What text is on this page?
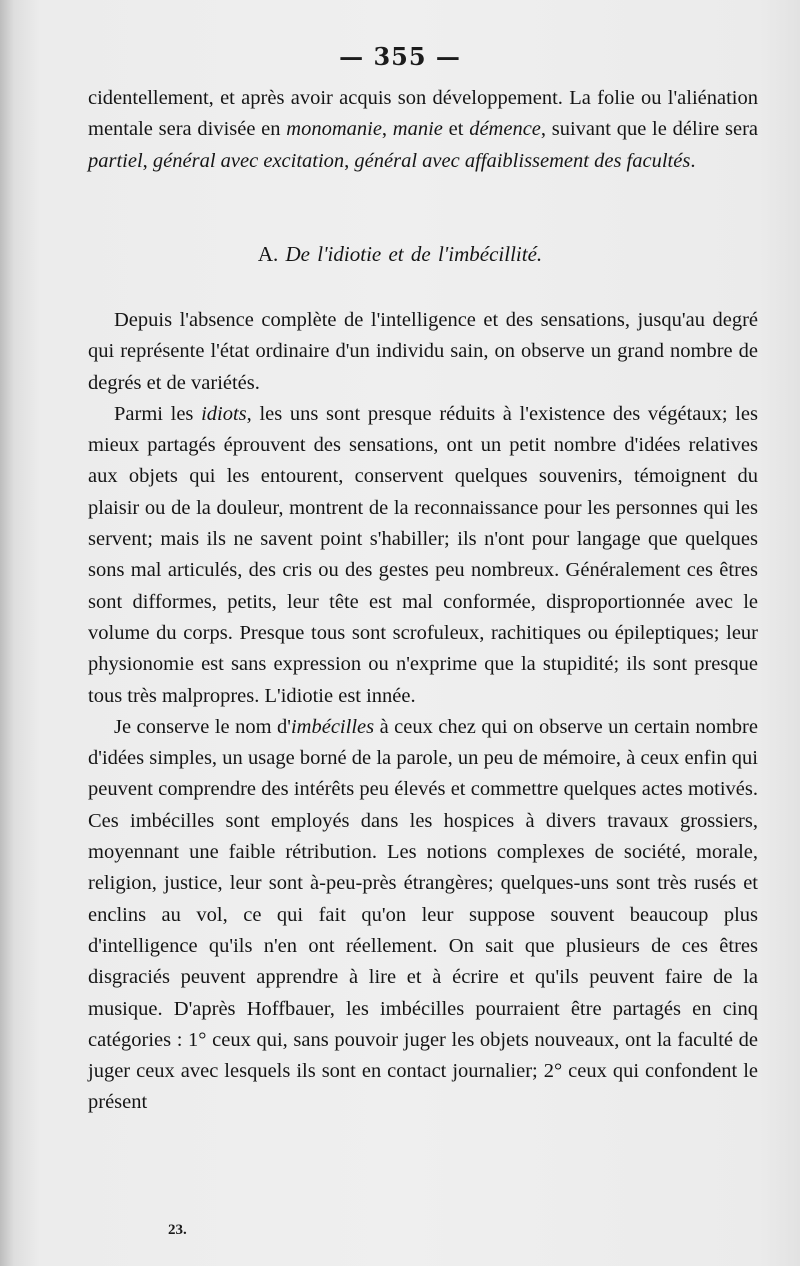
— 355 —

cidentellement, et après avoir acquis son développement. La folie ou l'aliénation mentale sera divisée en monomanie, manie et démence, suivant que le délire sera partiel, général avec excitation, général avec affaiblissement des facultés.

A. De l'idiotie et de l'imbécillité.

Depuis l'absence complète de l'intelligence et des sensations, jusqu'au degré qui représente l'état ordinaire d'un individu sain, on observe un grand nombre de degrés et de variétés.

Parmi les idiots, les uns sont presque réduits à l'existence des végétaux; les mieux partagés éprouvent des sensations, ont un petit nombre d'idées relatives aux objets qui les entourent, conservent quelques souvenirs, témoignent du plaisir ou de la douleur, montrent de la reconnaissance pour les personnes qui les servent; mais ils ne savent point s'habiller; ils n'ont pour langage que quelques sons mal articulés, des cris ou des gestes peu nombreux. Généralement ces êtres sont difformes, petits, leur tête est mal conformée, disproportionnée avec le volume du corps. Presque tous sont scrofuleux, rachitiques ou épileptiques; leur physionomie est sans expression ou n'exprime que la stupidité; ils sont presque tous très malpropres. L'idiotie est innée.

Je conserve le nom d'imbécilles à ceux chez qui on observe un certain nombre d'idées simples, un usage borné de la parole, un peu de mémoire, à ceux enfin qui peuvent comprendre des intérêts peu élevés et commettre quelques actes motivés. Ces imbécilles sont employés dans les hospices à divers travaux grossiers, moyennant une faible rétribution. Les notions complexes de société, morale, religion, justice, leur sont à-peu-près étrangères; quelques-uns sont très rusés et enclins au vol, ce qui fait qu'on leur suppose souvent beaucoup plus d'intelligence qu'ils n'en ont réellement. On sait que plusieurs de ces êtres disgraciés peuvent apprendre à lire et à écrire et qu'ils peuvent faire de la musique. D'après Hoffbauer, les imbécilles pourraient être partagés en cinq catégories : 1° ceux qui, sans pouvoir juger les objets nouveaux, ont la faculté de juger ceux avec lesquels ils sont en contact journalier; 2° ceux qui confondent le présent

23.
